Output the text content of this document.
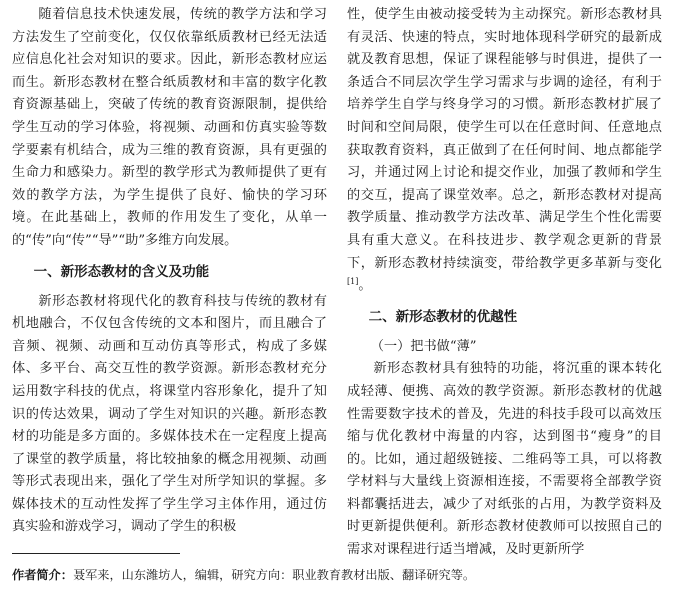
随着信息技术快速发展，传统的教学方法和学习方法发生了空前变化，仅仅依靠纸质教材已经无法适应信息化社会对知识的要求。因此，新形态教材应运而生。新形态教材在整合纸质教材和丰富的数字化教育资源基础上，突破了传统的教育资源限制，提供给学生互动的学习体验，将视频、动画和仿真实验等数学要素有机结合，成为三维的教育资源，具有更强的生命力和感染力。新型的教学形式为教师提供了更有效的教学方法，为学生提供了良好、愉快的学习环境。在此基础上，教师的作用发生了变化，从单一的“传”向“传”“导”“助”多维方向发展。

一、新形态教材的含义及功能

新形态教材将现代化的教育科技与传统的教材有机地融合，不仅包含传统的文本和图片，而且融合了音频、视频、动画和互动仿真等形式，构成了多媒体、多平台、高交互性的教学资源。新形态教材充分运用数字科技的优点，将课堂内容形象化，提升了知识的传达效果，调动了学生对知识的兴趣。新形态教材的功能是多方面的。多媒体技术在一定程度上提高了课堂的教学质量，将比较抽象的概念用视频、动画等形式表现出来，强化了学生对所学知识的掌握。多媒体技术的互动性发挥了学生学习主体作用，通过仿真实验和游戏学习，调动了学生的积极

性，使学生由被动接受转为主动探究。新形态教材具有灵活、快速的特点，实时地体现科学研究的最新成就及教育思想，保证了课程能够与时俱进，提供了一条适合不同层次学生学习需求与步调的途径，有利于培养学生自学与终身学习的习惯。新形态教材扩展了时间和空间局限，使学生可以在任意时间、任意地点获取教育资料，真正做到了在任何时间、地点都能学习，并通过网上讨论和提交作业，加强了教师和学生的交互，提高了课堂效率。总之，新形态教材对提高教学质量、推动教学方法改革、满足学生个性化需要具有重大意义。在科技进步、教学观念更新的背景下，新形态教材持续演变，带给教学更多革新与变化[1]。

二、新形态教材的优越性
（一）把书做“薄”

新形态教材具有独特的功能，将沉重的课本转化成轻薄、便携、高效的教学资源。新形态教材的优越性需要数字技术的普及，先进的科技手段可以高效压缩与优化教材中海量的内容，达到图书“瘦身”的目的。比如，通过超级链接、二维码等工具，可以将教学材料与大量线上资源相连接，不需要将全部教学资料都囊括进去，减少了对纸张的占用，为教学资料及时更新提供便利。新形态教材使教师可以按照自己的需求对课程进行适当增减，及时更新所学

作者简介：聂军来，山东潍坊人，编辑，研究方向：职业教育教材出版、翻译研究等。
